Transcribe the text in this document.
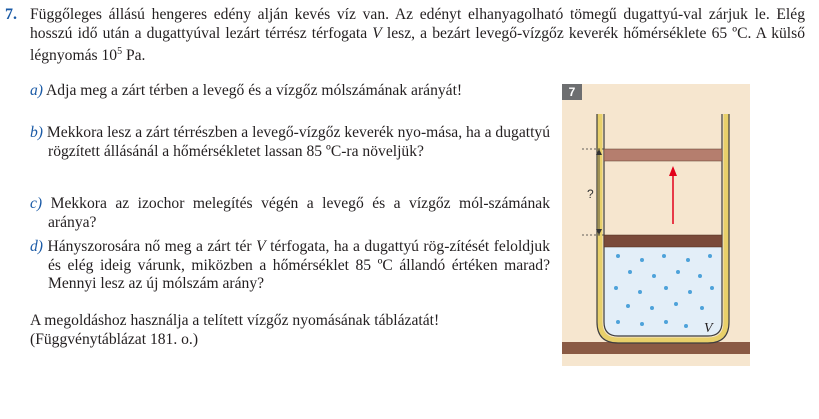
7. Függőleges állású hengeres edény alján kevés víz van. Az edényt elhanyagolható tömegű dugattyú-val zárjuk le. Elég hosszú idő után a dugattyúval lezárt térrész térfogata V lesz, a bezárt levegő-vízgőz keverék hőmérséklete 65 ºC. A külső légnyomás $10^5$ Pa.
a) Adja meg a zárt térben a levegő és a vízgőz mólszámának arányát!
b) Mekkora lesz a zárt térrészben a levegő-vízgőz keverék nyo-mása, ha a dugattyú rögzített állásánál a hőmérsékletet lassan 85 ºC-ra növeljük?
c) Mekkora az izochor melegítés végén a levegő és a vízgőz mól-számának aránya?
d) Hányszorosára nő meg a zárt tér V térfogata, ha a dugattyú rög-zítését feloldjuk és elég ideig várunk, miközben a hőmérséklet 85 ºC állandó értéken marad? Mennyi lesz az új mólszám arány?
A megoldáshoz használja a telített vízgőz nyomásának táblázatát!
(Függvénytáblázat 181. o.)
?
V
7
